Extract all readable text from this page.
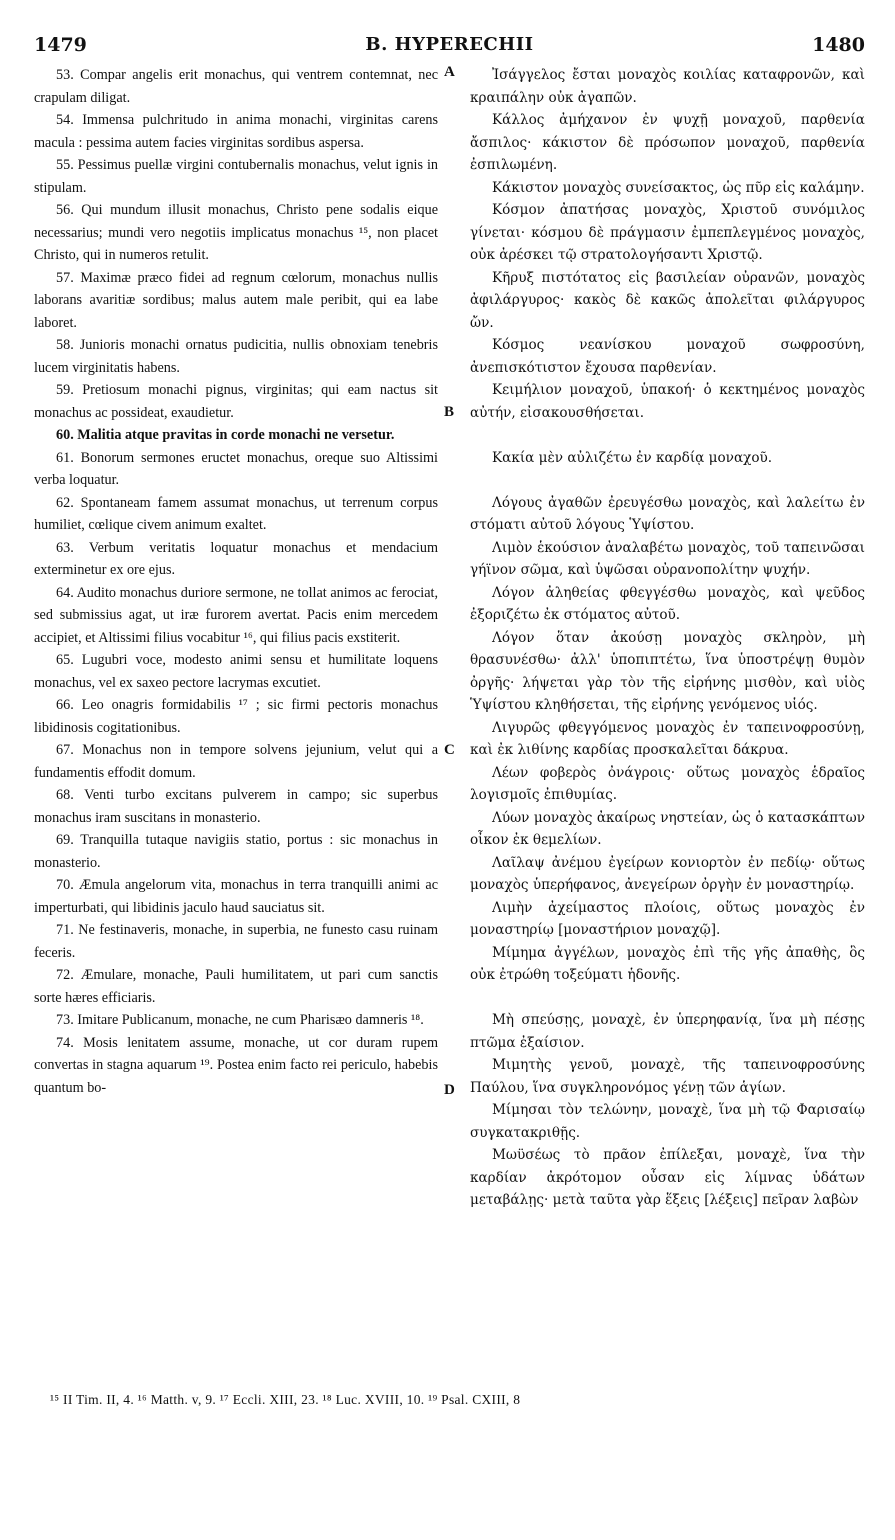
1479	B. HYPERECHII	1480

53. Compar angelis erit monachus, qui ventrem contemnat, nec crapulam diligat.

54. Immensa pulchritudo in anima monachi, virginitas carens macula : pessima autem facies virginitas sordibus aspersa.

55. Pessimus puellæ virgini contubernalis monachus, velut ignis in stipulam.

56. Qui mundum illusit monachus, Christo pene sodalis eique necessarius; mundi vero negotiis implicatus monachus ¹⁵, non placet Christo, qui in numeros retulit.

57. Maximæ præco fidei ad regnum cœlorum, monachus nullis laborans avaritiæ sordibus; malus autem male peribit, qui ea labe laboret.

58. Junioris monachi ornatus pudicitia, nullis obnoxiam tenebris lucem virginitatis habens.

59. Pretiosum monachi pignus, virginitas; qui eam nactus sit monachus ac possideat, exaudietur.

60. Malitia atque pravitas in corde monachi ne versetur.

61. Bonorum sermones eructet monachus, oreque suo Altissimi verba loquatur.

62. Spontaneam famem assumat monachus, ut terrenum corpus humiliet, cœlique civem animum exaltet.

63. Verbum veritatis loquatur monachus et mendacium exterminetur ex ore ejus.

64. Audito monachus duriore sermone, ne tollat animos ac ferociat, sed submissius agat, ut iræ furorem avertat. Pacis enim mercedem accipiet, et Altissimi filius vocabitur ¹⁶, qui filius pacis exstiterit.

65. Lugubri voce, modesto animi sensu et humilitate loquens monachus, vel ex saxeo pectore lacrymas excutiet.

66. Leo onagris formidabilis ¹⁷ ; sic firmi pectoris monachus libidinosis cogitationibus.

67. Monachus non in tempore solvens jejunium, velut qui a fundamentis effodit domum.

68. Venti turbo excitans pulverem in campo; sic superbus monachus iram suscitans in monasterio.

69. Tranquilla tutaque navigiis statio, portus : sic monachus in monasterio.

70. Æmula angelorum vita, monachus in terra tranquilli animi ac imperturbati, qui libidinis jaculo haud sauciatus sit.

71. Ne festinaveris, monache, in superbia, ne funesto casu ruinam feceris.

72. Æmulare, monache, Pauli humilitatem, ut pari cum sanctis sorte hæres efficiaris.

73. Imitare Publicanum, monache, ne cum Pharisæo damneris ¹⁸.

74. Mosis lenitatem assume, monache, ut cor duram rupem convertas in stagna aquarum ¹⁹. Postea enim facto rei periculo, habebis quantum bo-

A
B
C
D

Ἰσάγγελος ἔσται μοναχὸς κοιλίας καταφρονῶν, καὶ κραιπάλην οὐκ ἀγαπῶν.

Κάλλος ἀμήχανον ἐν ψυχῇ μοναχοῦ, παρθενία ἄσπιλος· κάκιστον δὲ πρόσωπον μοναχοῦ, παρθενία ἐσπιλωμένη.

Κάκιστον μοναχὸς συνείσακτος, ὡς πῦρ εἰς καλάμην.

Κόσμον ἀπατήσας μοναχὸς, Χριστοῦ συνόμιλος γίνεται· κόσμου δὲ πράγμασιν ἐμπεπλεγμένος μοναχὸς, οὐκ ἀρέσκει τῷ στρατολογήσαντι Χριστῷ.

Κῆρυξ πιστότατος εἰς βασιλείαν οὐρανῶν, μοναχὸς ἀφιλάργυρος· κακὸς δὲ κακῶς ἀπολεῖται φιλάργυρος ὤν.

Κόσμος νεανίσκου μοναχοῦ σωφροσύνη, ἀνεπισκότιστον ἔχουσα παρθενίαν.

Κειμήλιον μοναχοῦ, ὑπακοή· ὁ κεκτημένος μοναχὸς αὐτήν, εἰσακουσθήσεται.

Κακία μὲν αὐλιζέτω ἐν καρδίᾳ μοναχοῦ.

Λόγους ἀγαθῶν ἐρευγέσθω μοναχὸς, καὶ λαλείτω ἐν στόματι αὐτοῦ λόγους Ὑψίστου.

Λιμὸν ἑκούσιον ἀναλαβέτω μοναχὸς, τοῦ ταπεινῶσαι γήϊνον σῶμα, καὶ ὑψῶσαι οὐρανοπολίτην ψυχήν.

Λόγον ἀληθείας φθεγγέσθω μοναχὸς, καὶ ψεῦδος ἐξοριζέτω ἐκ στόματος αὐτοῦ.

Λόγον ὅταν ἀκούσῃ μοναχὸς σκληρὸν, μὴ θρασυνέσθω· ἀλλ' ὑποπιπτέτω, ἵνα ὑποστρέψῃ θυμὸν ὀργῆς· λήψεται γὰρ τὸν τῆς εἰρήνης μισθὸν, καὶ υἱὸς Ὑψίστου κληθήσεται, τῆς εἰρήνης γενόμενος υἱός.

Λιγυρῶς φθεγγόμενος μοναχὸς ἐν ταπεινοφροσύνῃ, καὶ ἐκ λιθίνης καρδίας προσκαλεῖται δάκρυα.

Λέων φοβερὸς ὀνάγροις· οὕτως μοναχὸς ἑδραῖος λογισμοῖς ἐπιθυμίας.

Λύων μοναχὸς ἀκαίρως νηστείαν, ὡς ὁ κατασκάπτων οἶκον ἐκ θεμελίων.

Λαῖλαψ ἀνέμου ἐγείρων κονιορτὸν ἐν πεδίῳ· οὕτως μοναχὸς ὑπερήφανος, ἀνεγείρων ὀργὴν ἐν μοναστηρίῳ.

Λιμὴν ἀχείμαστος πλοίοις, οὕτως μοναχὸς ἐν μοναστηρίῳ [μοναστήριον μοναχῷ].

Μίμημα ἀγγέλων, μοναχὸς ἐπὶ τῆς γῆς ἀπαθὴς, ὃς οὐκ ἐτρώθη τοξεύματι ἡδονῆς.

Μὴ σπεύσῃς, μοναχὲ, ἐν ὑπερηφανίᾳ, ἵνα μὴ πέσῃς πτῶμα ἐξαίσιον.

Μιμητὴς γενοῦ, μοναχὲ, τῆς ταπεινοφροσύνης Παύλου, ἵνα συγκληρονόμος γένῃ τῶν ἁγίων.

Μίμησαι τὸν τελώνην, μοναχὲ, ἵνα μὴ τῷ Φαρισαίῳ συγκατακριθῇς.

Μωϋσέως τὸ πρᾶον ἐπίλεξαι, μοναχὲ, ἵνα τὴν καρδίαν ἀκρότομον οὖσαν εἰς λίμνας ὑδάτων μεταβάλῃς· μετὰ ταῦτα γὰρ ἕξεις [λέξεις] πεῖραν λαβὼν

¹⁵ II Tim. II, 4. ¹⁶ Matth. v, 9. ¹⁷ Eccli. XIII, 23. ¹⁸ Luc. XVIII, 10. ¹⁹ Psal. CXIII, 8
